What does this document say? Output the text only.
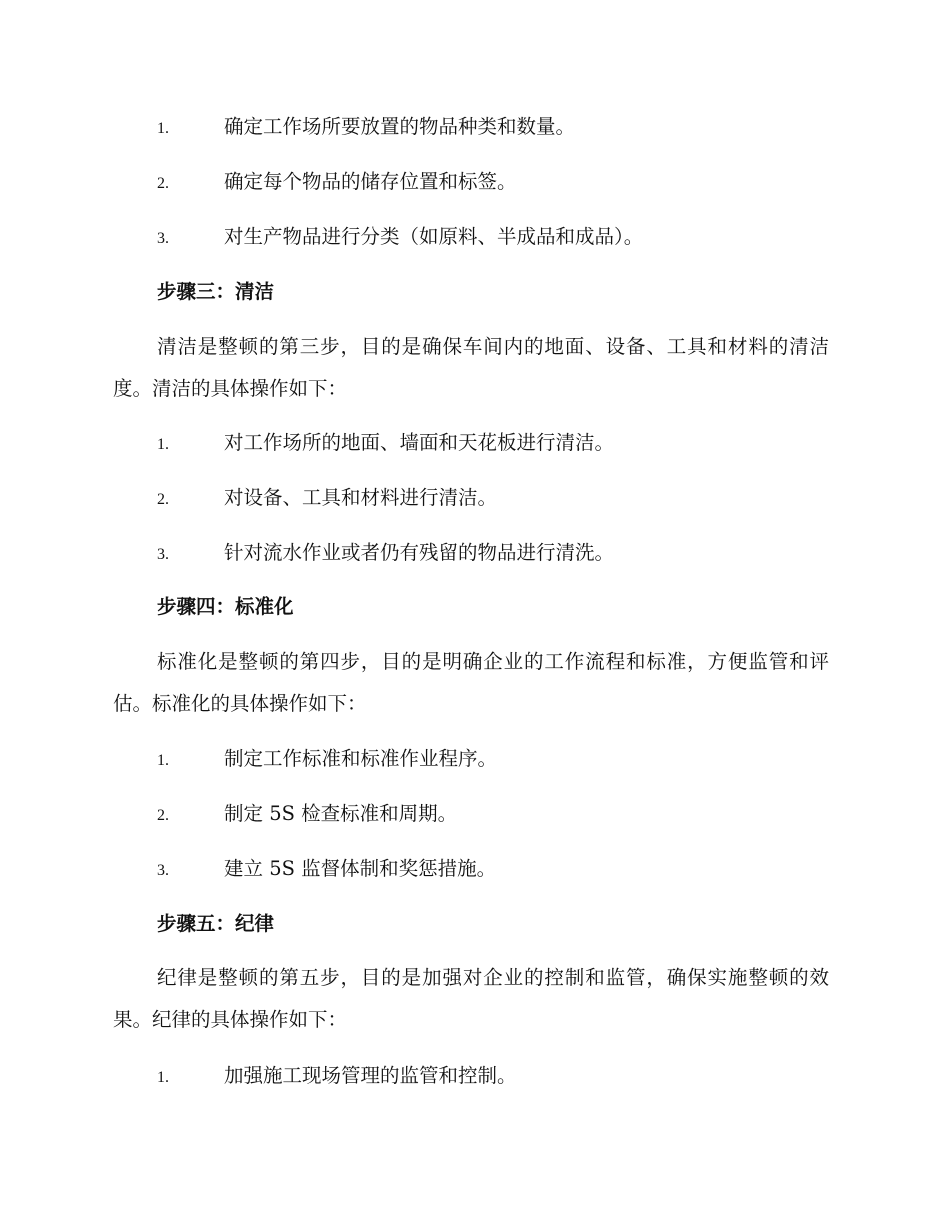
1.	确定工作场所要放置的物品种类和数量。
2.	确定每个物品的储存位置和标签。
3.	对生产物品进行分类（如原料、半成品和成品）。
步骤三：清洁
清洁是整顿的第三步，目的是确保车间内的地面、设备、工具和材料的清洁度。清洁的具体操作如下：
1.	对工作场所的地面、墙面和天花板进行清洁。
2.	对设备、工具和材料进行清洁。
3.	针对流水作业或者仍有残留的物品进行清洗。
步骤四：标准化
标准化是整顿的第四步，目的是明确企业的工作流程和标准，方便监管和评估。标准化的具体操作如下：
1.	制定工作标准和标准作业程序。
2.	制定 5S 检查标准和周期。
3.	建立 5S 监督体制和奖惩措施。
步骤五：纪律
纪律是整顿的第五步，目的是加强对企业的控制和监管，确保实施整顿的效果。纪律的具体操作如下：
1.	加强施工现场管理的监管和控制。
